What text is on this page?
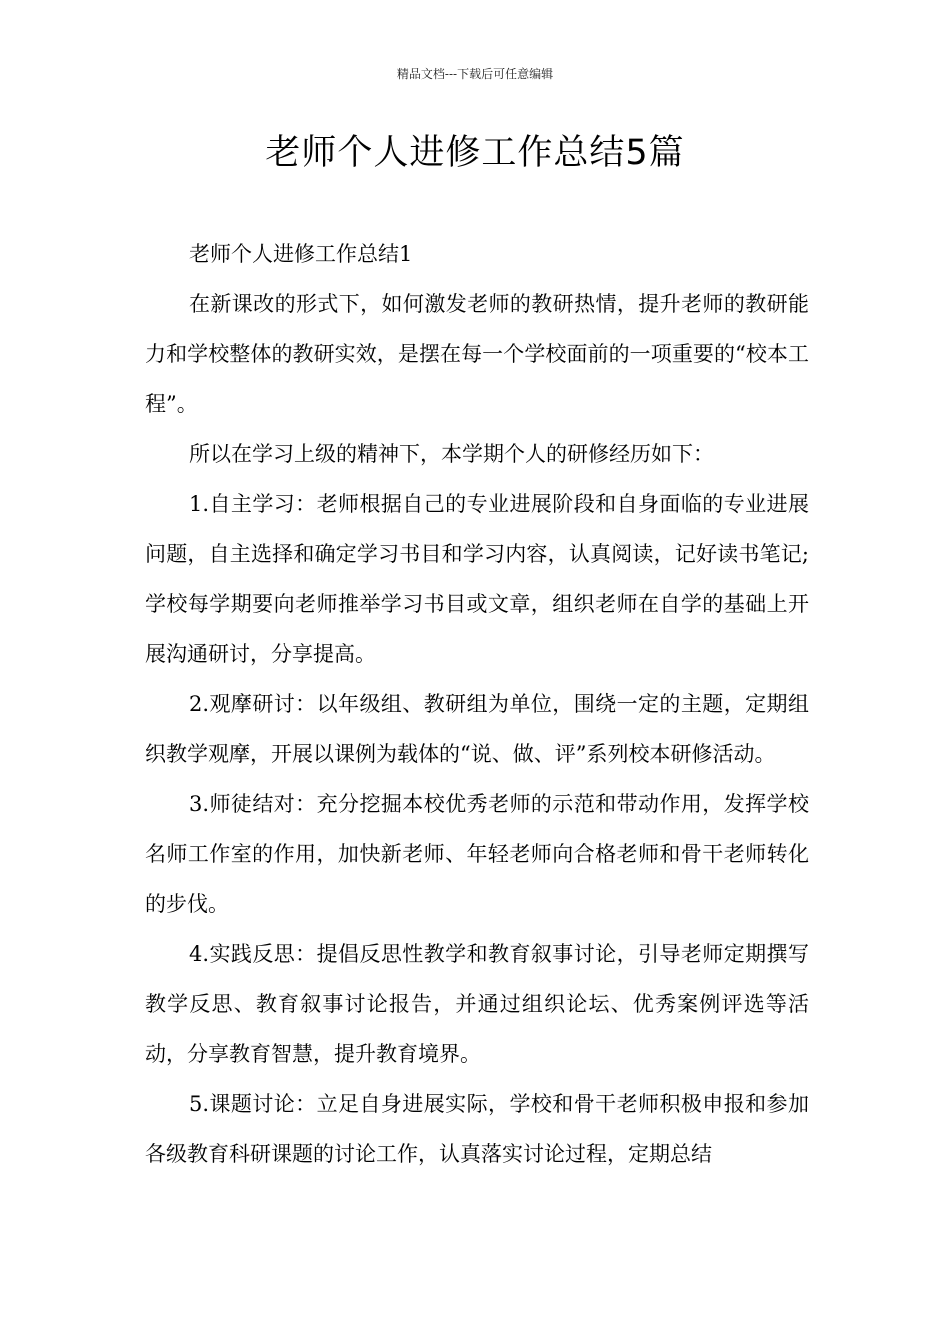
精品文档---下载后可任意编辑
老师个人进修工作总结5篇

老师个人进修工作总结1

在新课改的形式下，如何激发老师的教研热情，提升老师的教研能力和学校整体的教研实效，是摆在每一个学校面前的一项重要的“校本工程”。

所以在学习上级的精神下，本学期个人的研修经历如下：

1.自主学习：老师根据自己的专业进展阶段和自身面临的专业进展问题，自主选择和确定学习书目和学习内容，认真阅读，记好读书笔记;学校每学期要向老师推举学习书目或文章，组织老师在自学的基础上开展沟通研讨，分享提高。

2.观摩研讨：以年级组、教研组为单位，围绕一定的主题，定期组织教学观摩，开展以课例为载体的“说、做、评”系列校本研修活动。

3.师徒结对：充分挖掘本校优秀老师的示范和带动作用，发挥学校名师工作室的作用，加快新老师、年轻老师向合格老师和骨干老师转化的步伐。

4.实践反思：提倡反思性教学和教育叙事讨论，引导老师定期撰写教学反思、教育叙事讨论报告，并通过组织论坛、优秀案例评选等活动，分享教育智慧，提升教育境界。

5.课题讨论：立足自身进展实际，学校和骨干老师积极申报和参加各级教育科研课题的讨论工作，认真落实讨论过程，定期总结
